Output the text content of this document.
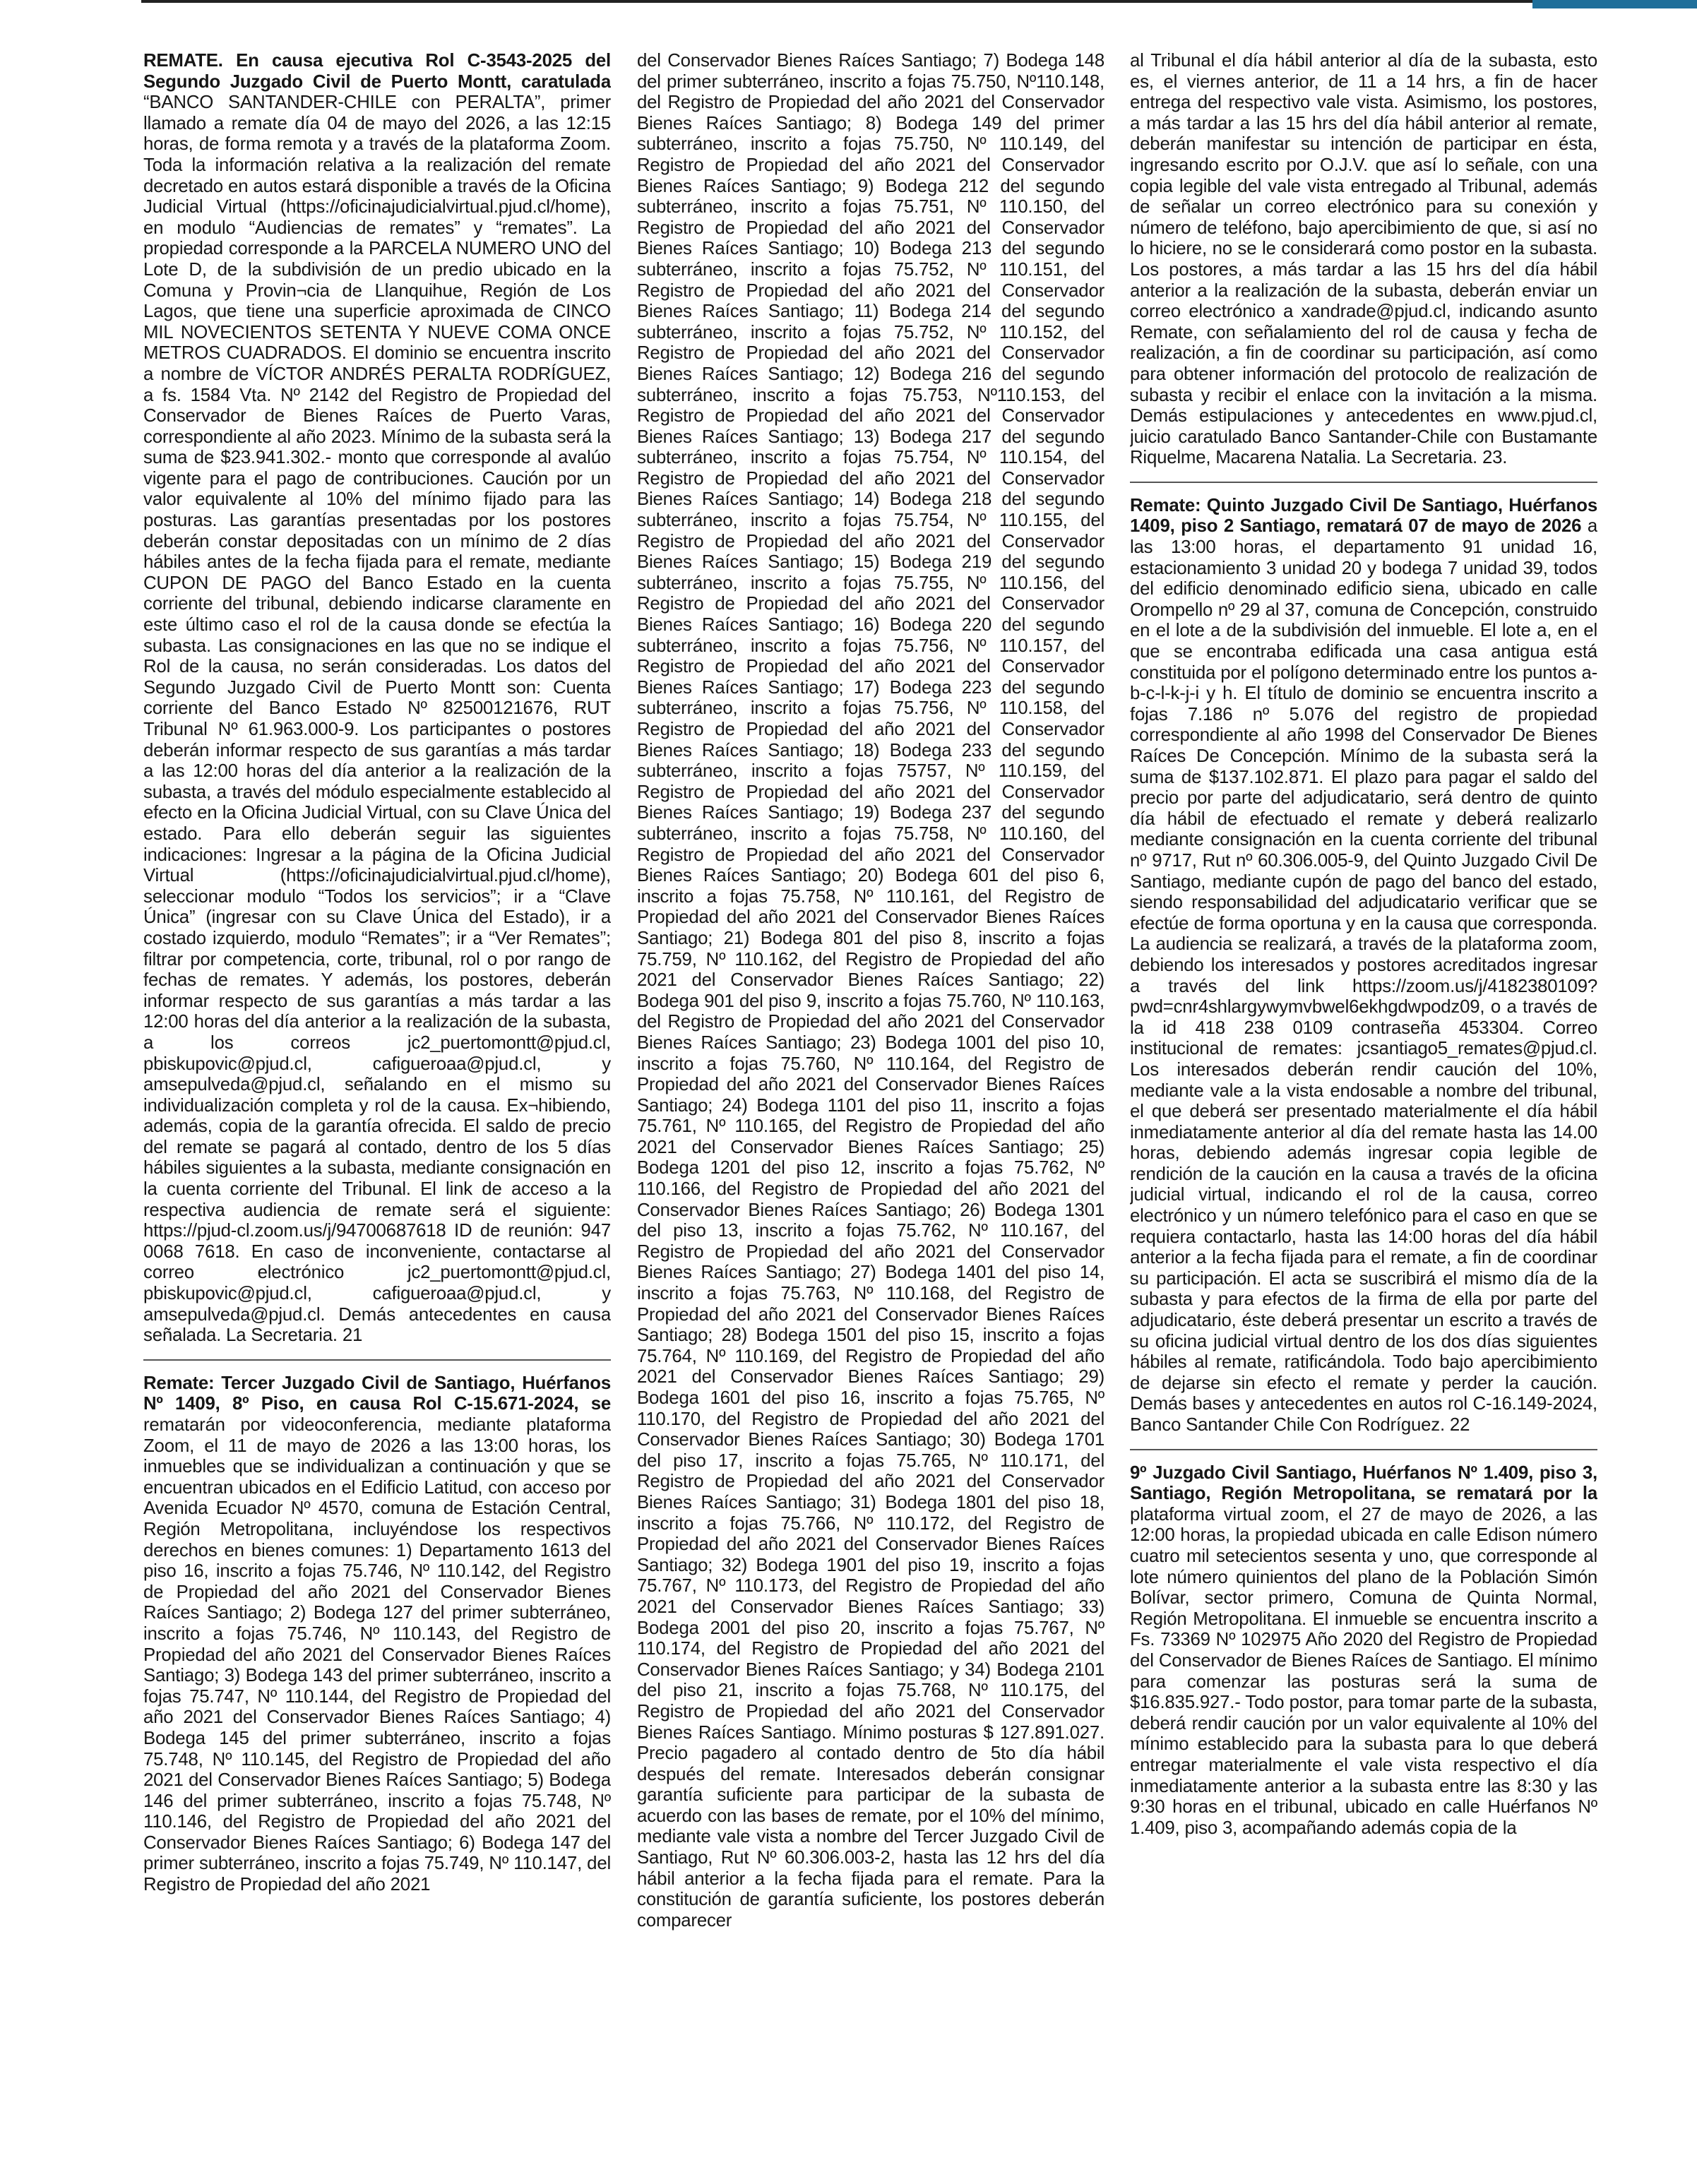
REMATE. En causa ejecutiva Rol C-3543-2025 del Segundo Juzgado Civil de Puerto Montt, caratulada “BANCO SANTANDER-CHILE con PERALTA”, primer llamado a remate día 04 de mayo del 2026, a las 12:15 horas, de forma remota y a través de la plataforma Zoom. Toda la información relativa a la realización del remate decretado en autos estará disponible a través de la Oficina Judicial Virtual (https://oficinajudicialvirtual.pjud.cl/home), en modulo “Audiencias de remates” y “remates”. La propiedad corresponde a la PARCELA NUMERO UNO del Lote D, de la subdivisión de un predio ubicado en la Comuna y Provin¬cia de Llanquihue, Región de Los Lagos, que tiene una superficie aproximada de CINCO MIL NOVECIENTOS SETENTA Y NUEVE COMA ONCE METROS CUADRADOS. El dominio se encuentra inscrito a nombre de VÍCTOR ANDRÉS PERALTA RODRÍGUEZ, a fs. 1584 Vta. Nº 2142 del Registro de Propiedad del Conservador de Bienes Raíces de Puerto Varas, correspondiente al año 2023. Mínimo de la subasta será la suma de $23.941.302.- monto que corresponde al avalúo vigente para el pago de contribuciones. Caución por un valor equivalente al 10% del mínimo fijado para las posturas. Las garantías presentadas por los postores deberán constar depositadas con un mínimo de 2 días hábiles antes de la fecha fijada para el remate, mediante CUPON DE PAGO del Banco Estado en la cuenta corriente del tribunal, debiendo indicarse claramente en este último caso el rol de la causa donde se efectúa la subasta. Las consignaciones en las que no se indique el Rol de la causa, no serán consideradas. Los datos del Segundo Juzgado Civil de Puerto Montt son: Cuenta corriente del Banco Estado Nº 82500121676, RUT Tribunal Nº 61.963.000-9. Los participantes o postores deberán informar respecto de sus garantías a más tardar a las 12:00 horas del día anterior a la realización de la subasta, a través del módulo especialmente establecido al efecto en la Oficina Judicial Virtual, con su Clave Única del estado. Para ello deberán seguir las siguientes indicaciones: Ingresar a la página de la Oficina Judicial Virtual (https://oficinajudicialvirtual.pjud.cl/home), seleccionar modulo “Todos los servicios”; ir a “Clave Única” (ingresar con su Clave Única del Estado), ir a costado izquierdo, modulo “Remates”; ir a “Ver Remates”; filtrar por competencia, corte, tribunal, rol o por rango de fechas de remates. Y además, los postores, deberán informar respecto de sus garantías a más tardar a las 12:00 horas del día anterior a la realización de la subasta, a los correos jc2_puertomontt@pjud.cl, pbiskupovic@pjud.cl, cafigueroaa@pjud.cl, y amsepulveda@pjud.cl, señalando en el mismo su individualización completa y rol de la causa. Ex¬hibiendo, además, copia de la garantía ofrecida. El saldo de precio del remate se pagará al contado, dentro de los 5 días hábiles siguientes a la subasta, mediante consignación en la cuenta corriente del Tribunal. El link de acceso a la respectiva audiencia de remate será el siguiente: https://pjud-cl.zoom.us/j/94700687618 ID de reunión: 947 0068 7618. En caso de inconveniente, contactarse al correo electrónico jc2_puertomontt@pjud.cl, pbiskupovic@pjud.cl, cafigueroaa@pjud.cl, y amsepulveda@pjud.cl. Demás antecedentes en causa señalada. La Secretaria. 21

Remate: Tercer Juzgado Civil de Santiago, Huérfanos Nº 1409, 8º Piso, en causa Rol C-15.671-2024, se rematarán por videoconferencia, mediante plataforma Zoom, el 11 de mayo de 2026 a las 13:00 horas, los inmuebles que se individualizan a continuación y que se encuentran ubicados en el Edificio Latitud, con acceso por Avenida Ecuador Nº 4570, comuna de Estación Central, Región Metropolitana, incluyéndose los respectivos derechos en bienes comunes: 1) Departamento 1613 del piso 16, inscrito a fojas 75.746, Nº 110.142, del Registro de Propiedad del año 2021 del Conservador Bienes Raíces Santiago; 2) Bodega 127 del primer subterráneo, inscrito a fojas 75.746, Nº 110.143, del Registro de Propiedad del año 2021 del Conservador Bienes Raíces Santiago; 3) Bodega 143 del primer subterráneo, inscrito a fojas 75.747, Nº 110.144, del Registro de Propiedad del año 2021 del Conservador Bienes Raíces Santiago; 4) Bodega 145 del primer subterráneo, inscrito a fojas 75.748, Nº 110.145, del Registro de Propiedad del año 2021 del Conservador Bienes Raíces Santiago; 5) Bodega 146 del primer subterráneo, inscrito a fojas 75.748, Nº 110.146, del Registro de Propiedad del año 2021 del Conservador Bienes Raíces Santiago; 6) Bodega 147 del primer subterráneo, inscrito a fojas 75.749, Nº 110.147, del Registro de Propiedad del año 2021

del Conservador Bienes Raíces Santiago; 7) Bodega 148 del primer subterráneo, inscrito a fojas 75.750, Nº110.148, del Registro de Propiedad del año 2021 del Conservador Bienes Raíces Santiago; 8) Bodega 149 del primer subterráneo, inscrito a fojas 75.750, Nº 110.149, del Registro de Propiedad del año 2021 del Conservador Bienes Raíces Santiago; 9) Bodega 212 del segundo subterráneo, inscrito a fojas 75.751, Nº 110.150, del Registro de Propiedad del año 2021 del Conservador Bienes Raíces Santiago; 10) Bodega 213 del segundo subterráneo, inscrito a fojas 75.752, Nº 110.151, del Registro de Propiedad del año 2021 del Conservador Bienes Raíces Santiago; 11) Bodega 214 del segundo subterráneo, inscrito a fojas 75.752, Nº 110.152, del Registro de Propiedad del año 2021 del Conservador Bienes Raíces Santiago; 12) Bodega 216 del segundo subterráneo, inscrito a fojas 75.753, Nº110.153, del Registro de Propiedad del año 2021 del Conservador Bienes Raíces Santiago; 13) Bodega 217 del segundo subterráneo, inscrito a fojas 75.754, Nº 110.154, del Registro de Propiedad del año 2021 del Conservador Bienes Raíces Santiago; 14) Bodega 218 del segundo subterráneo, inscrito a fojas 75.754, Nº 110.155, del Registro de Propiedad del año 2021 del Conservador Bienes Raíces Santiago; 15) Bodega 219 del segundo subterráneo, inscrito a fojas 75.755, Nº 110.156, del Registro de Propiedad del año 2021 del Conservador Bienes Raíces Santiago; 16) Bodega 220 del segundo subterráneo, inscrito a fojas 75.756, Nº 110.157, del Registro de Propiedad del año 2021 del Conservador Bienes Raíces Santiago; 17) Bodega 223 del segundo subterráneo, inscrito a fojas 75.756, Nº 110.158, del Registro de Propiedad del año 2021 del Conservador Bienes Raíces Santiago; 18) Bodega 233 del segundo subterráneo, inscrito a fojas 75757, Nº 110.159, del Registro de Propiedad del año 2021 del Conservador Bienes Raíces Santiago; 19) Bodega 237 del segundo subterráneo, inscrito a fojas 75.758, Nº 110.160, del Registro de Propiedad del año 2021 del Conservador Bienes Raíces Santiago; 20) Bodega 601 del piso 6, inscrito a fojas 75.758, Nº 110.161, del Registro de Propiedad del año 2021 del Conservador Bienes Raíces Santiago; 21) Bodega 801 del piso 8, inscrito a fojas 75.759, Nº 110.162, del Registro de Propiedad del año 2021 del Conservador Bienes Raíces Santiago; 22) Bodega 901 del piso 9, inscrito a fojas 75.760, Nº 110.163, del Registro de Propiedad del año 2021 del Conservador Bienes Raíces Santiago; 23) Bodega 1001 del piso 10, inscrito a fojas 75.760, Nº 110.164, del Registro de Propiedad del año 2021 del Conservador Bienes Raíces Santiago; 24) Bodega 1101 del piso 11, inscrito a fojas 75.761, Nº 110.165, del Registro de Propiedad del año 2021 del Conservador Bienes Raíces Santiago; 25) Bodega 1201 del piso 12, inscrito a fojas 75.762, Nº 110.166, del Registro de Propiedad del año 2021 del Conservador Bienes Raíces Santiago; 26) Bodega 1301 del piso 13, inscrito a fojas 75.762, Nº 110.167, del Registro de Propiedad del año 2021 del Conservador Bienes Raíces Santiago; 27) Bodega 1401 del piso 14, inscrito a fojas 75.763, Nº 110.168, del Registro de Propiedad del año 2021 del Conservador Bienes Raíces Santiago; 28) Bodega 1501 del piso 15, inscrito a fojas 75.764, Nº 110.169, del Registro de Propiedad del año 2021 del Conservador Bienes Raíces Santiago; 29) Bodega 1601 del piso 16, inscrito a fojas 75.765, Nº 110.170, del Registro de Propiedad del año 2021 del Conservador Bienes Raíces Santiago; 30) Bodega 1701 del piso 17, inscrito a fojas 75.765, Nº 110.171, del Registro de Propiedad del año 2021 del Conservador Bienes Raíces Santiago; 31) Bodega 1801 del piso 18, inscrito a fojas 75.766, Nº 110.172, del Registro de Propiedad del año 2021 del Conservador Bienes Raíces Santiago; 32) Bodega 1901 del piso 19, inscrito a fojas 75.767, Nº 110.173, del Registro de Propiedad del año 2021 del Conservador Bienes Raíces Santiago; 33) Bodega 2001 del piso 20, inscrito a fojas 75.767, Nº 110.174, del Registro de Propiedad del año 2021 del Conservador Bienes Raíces Santiago; y 34) Bodega 2101 del piso 21, inscrito a fojas 75.768, Nº 110.175, del Registro de Propiedad del año 2021 del Conservador Bienes Raíces Santiago. Mínimo posturas $ 127.891.027. Precio pagadero al contado dentro de 5to día hábil después del remate. Interesados deberán consignar garantía suficiente para participar de la subasta de acuerdo con las bases de remate, por el 10% del mínimo, mediante vale vista a nombre del Tercer Juzgado Civil de Santiago, Rut Nº 60.306.003-2, hasta las 12 hrs del día hábil anterior a la fecha fijada para el remate. Para la constitución de garantía suficiente, los postores deberán comparecer

al Tribunal el día hábil anterior al día de la subasta, esto es, el viernes anterior, de 11 a 14 hrs, a fin de hacer entrega del respectivo vale vista. Asimismo, los postores, a más tardar a las 15 hrs del día hábil anterior al remate, deberán manifestar su intención de participar en ésta, ingresando escrito por O.J.V. que así lo señale, con una copia legible del vale vista entregado al Tribunal, además de señalar un correo electrónico para su conexión y número de teléfono, bajo apercibimiento de que, si así no lo hiciere, no se le considerará como postor en la subasta. Los postores, a más tardar a las 15 hrs del día hábil anterior a la realización de la subasta, deberán enviar un correo electrónico a xandrade@pjud.cl, indicando asunto Remate, con señalamiento del rol de causa y fecha de realización, a fin de coordinar su participación, así como para obtener información del protocolo de realización de subasta y recibir el enlace con la invitación a la misma. Demás estipulaciones y antecedentes en www.pjud.cl, juicio caratulado Banco Santander-Chile con Bustamante Riquelme, Macarena Natalia. La Secretaria. 23.

Remate: Quinto Juzgado Civil De Santiago, Huérfanos 1409, piso 2 Santiago, rematará 07 de mayo de 2026 a las 13:00 horas, el departamento 91 unidad 16, estacionamiento 3 unidad 20 y bodega 7 unidad 39, todos del edificio denominado edificio siena, ubicado en calle Orompello nº 29 al 37, comuna de Concepción, construido en el lote a de la subdivisión del inmueble. El lote a, en el que se encontraba edificada una casa antigua está constituida por el polígono determinado entre los puntos a-b-c-l-k-j-i y h. El título de dominio se encuentra inscrito a fojas 7.186 nº 5.076 del registro de propiedad correspondiente al año 1998 del Conservador De Bienes Raíces De Concepción. Mínimo de la subasta será la suma de $137.102.871. El plazo para pagar el saldo del precio por parte del adjudicatario, será dentro de quinto día hábil de efectuado el remate y deberá realizarlo mediante consignación en la cuenta corriente del tribunal nº 9717, Rut nº 60.306.005-9, del Quinto Juzgado Civil De Santiago, mediante cupón de pago del banco del estado, siendo responsabilidad del adjudicatario verificar que se efectúe de forma oportuna y en la causa que corresponda. La audiencia se realizará, a través de la plataforma zoom, debiendo los interesados y postores acreditados ingresar a través del link https://zoom.us/j/4182380109?pwd=cnr4shlargywymvbwel6ekhgdwpodz09, o a través de la id 418 238 0109 contraseña 453304. Correo institucional de remates: jcsantiago5_remates@pjud.cl. Los interesados deberán rendir caución del 10%, mediante vale a la vista endosable a nombre del tribunal, el que deberá ser presentado materialmente el día hábil inmediatamente anterior al día del remate hasta las 14.00 horas, debiendo además ingresar copia legible de rendición de la caución en la causa a través de la oficina judicial virtual, indicando el rol de la causa, correo electrónico y un número telefónico para el caso en que se requiera contactarlo, hasta las 14:00 horas del día hábil anterior a la fecha fijada para el remate, a fin de coordinar su participación. El acta se suscribirá el mismo día de la subasta y para efectos de la firma de ella por parte del adjudicatario, éste deberá presentar un escrito a través de su oficina judicial virtual dentro de los dos días siguientes hábiles al remate, ratificándola. Todo bajo apercibimiento de dejarse sin efecto el remate y perder la caución. Demás bases y antecedentes en autos rol C-16.149-2024, Banco Santander Chile Con Rodríguez. 22

9º Juzgado Civil Santiago, Huérfanos Nº 1.409, piso 3, Santiago, Región Metropolitana, se rematará por la plataforma virtual zoom, el 27 de mayo de 2026, a las 12:00 horas, la propiedad ubicada en calle Edison número cuatro mil setecientos sesenta y uno, que corresponde al lote número quinientos del plano de la Población Simón Bolívar, sector primero, Comuna de Quinta Normal, Región Metropolitana. El inmueble se encuentra inscrito a Fs. 73369 Nº 102975 Año 2020 del Registro de Propiedad del Conservador de Bienes Raíces de Santiago. El mínimo para comenzar las posturas será la suma de $16.835.927.- Todo postor, para tomar parte de la subasta, deberá rendir caución por un valor equivalente al 10% del mínimo establecido para la subasta para lo que deberá entregar materialmente el vale vista respectivo el día inmediatamente anterior a la subasta entre las 8:30 y las 9:30 horas en el tribunal, ubicado en calle Huérfanos Nº 1.409, piso 3, acompañando además copia de la
